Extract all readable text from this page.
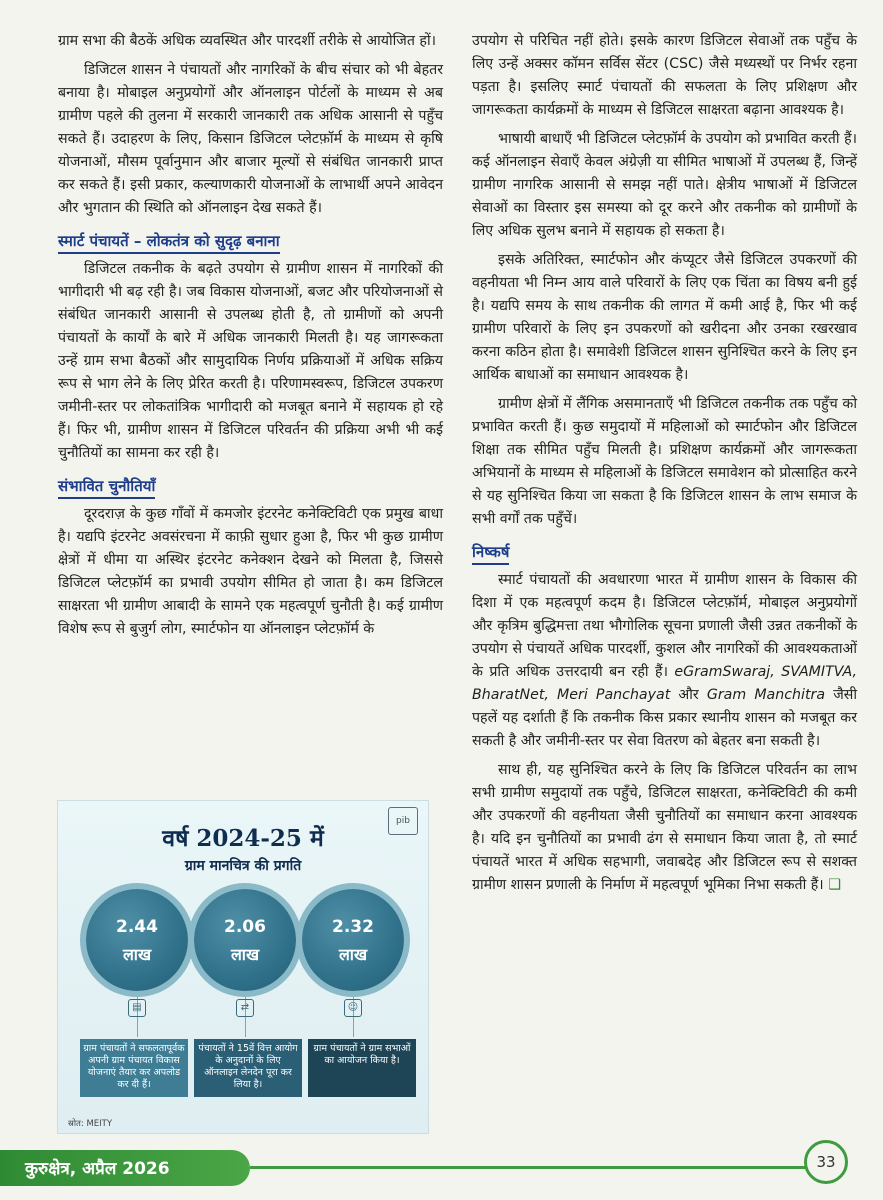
ग्राम सभा की बैठकें अधिक व्यवस्थित और पारदर्शी तरीके से आयोजित हों।

डिजिटल शासन ने पंचायतों और नागरिकों के बीच संचार को भी बेहतर बनाया है। मोबाइल अनुप्रयोगों और ऑनलाइन पोर्टलों के माध्यम से अब ग्रामीण पहले की तुलना में सरकारी जानकारी तक अधिक आसानी से पहुँच सकते हैं। उदाहरण के लिए, किसान डिजिटल प्लेटफ़ॉर्म के माध्यम से कृषि योजनाओं, मौसम पूर्वानुमान और बाजार मूल्यों से संबंधित जानकारी प्राप्त कर सकते हैं। इसी प्रकार, कल्याणकारी योजनाओं के लाभार्थी अपने आवेदन और भुगतान की स्थिति को ऑनलाइन देख सकते हैं।

स्मार्ट पंचायतें – लोकतंत्र को सुदृढ़ बनाना

डिजिटल तकनीक के बढ़ते उपयोग से ग्रामीण शासन में नागरिकों की भागीदारी भी बढ़ रही है। जब विकास योजनाओं, बजट और परियोजनाओं से संबंधित जानकारी आसानी से उपलब्ध होती है, तो ग्रामीणों को अपनी पंचायतों के कार्यों के बारे में अधिक जानकारी मिलती है। यह जागरूकता उन्हें ग्राम सभा बैठकों और सामुदायिक निर्णय प्रक्रियाओं में अधिक सक्रिय रूप से भाग लेने के लिए प्रेरित करती है। परिणामस्वरूप, डिजिटल उपकरण जमीनी-स्तर पर लोकतांत्रिक भागीदारी को मजबूत बनाने में सहायक हो रहे हैं। फिर भी, ग्रामीण शासन में डिजिटल परिवर्तन की प्रक्रिया अभी भी कई चुनौतियों का सामना कर रही है।

संभावित चुनौतियाँ

दूरदराज़ के कुछ गाँवों में कमजोर इंटरनेट कनेक्टिविटी एक प्रमुख बाधा है। यद्यपि इंटरनेट अवसंरचना में काफ़ी सुधार हुआ है, फिर भी कुछ ग्रामीण क्षेत्रों में धीमा या अस्थिर इंटरनेट कनेक्शन देखने को मिलता है, जिससे डिजिटल प्लेटफ़ॉर्म का प्रभावी उपयोग सीमित हो जाता है। कम डिजिटल साक्षरता भी ग्रामीण आबादी के सामने एक महत्वपूर्ण चुनौती है। कई ग्रामीण विशेष रूप से बुजुर्ग लोग, स्मार्टफोन या ऑनलाइन प्लेटफ़ॉर्म के

pib
वर्ष 2024-25 में
ग्राम मानचित्र की प्रगति
2.44
लाख
2.06
लाख
2.32
लाख
▤	⇄	☺
ग्राम पंचायतों ने सफलतापूर्वक अपनी ग्राम पंचायत विकास योजनाएं तैयार कर अपलोड कर दी हैं।
पंचायतों ने 15वें वित्त आयोग के अनुदानों के लिए ऑनलाइन लेनदेन पूरा कर लिया है।
ग्राम पंचायतों ने ग्राम सभाओं का आयोजन किया है।
स्रोत: MEITY

उपयोग से परिचित नहीं होते। इसके कारण डिजिटल सेवाओं तक पहुँच के लिए उन्हें अक्सर कॉमन सर्विस सेंटर (CSC) जैसे मध्यस्थों पर निर्भर रहना पड़ता है। इसलिए स्मार्ट पंचायतों की सफलता के लिए प्रशिक्षण और जागरूकता कार्यक्रमों के माध्यम से डिजिटल साक्षरता बढ़ाना आवश्यक है।

भाषायी बाधाएँ भी डिजिटल प्लेटफ़ॉर्म के उपयोग को प्रभावित करती हैं। कई ऑनलाइन सेवाएँ केवल अंग्रेज़ी या सीमित भाषाओं में उपलब्ध हैं, जिन्हें ग्रामीण नागरिक आसानी से समझ नहीं पाते। क्षेत्रीय भाषाओं में डिजिटल सेवाओं का विस्तार इस समस्या को दूर करने और तकनीक को ग्रामीणों के लिए अधिक सुलभ बनाने में सहायक हो सकता है।

इसके अतिरिक्त, स्मार्टफोन और कंप्यूटर जैसे डिजिटल उपकरणों की वहनीयता भी निम्न आय वाले परिवारों के लिए एक चिंता का विषय बनी हुई है। यद्यपि समय के साथ तकनीक की लागत में कमी आई है, फिर भी कई ग्रामीण परिवारों के लिए इन उपकरणों को खरीदना और उनका रखरखाव करना कठिन होता है। समावेशी डिजिटल शासन सुनिश्चित करने के लिए इन आर्थिक बाधाओं का समाधान आवश्यक है।

ग्रामीण क्षेत्रों में लैंगिक असमानताएँ भी डिजिटल तकनीक तक पहुँच को प्रभावित करती हैं। कुछ समुदायों में महिलाओं को स्मार्टफोन और डिजिटल शिक्षा तक सीमित पहुँच मिलती है। प्रशिक्षण कार्यक्रमों और जागरूकता अभियानों के माध्यम से महिलाओं के डिजिटल समावेशन को प्रोत्साहित करने से यह सुनिश्चित किया जा सकता है कि डिजिटल शासन के लाभ समाज के सभी वर्गों तक पहुँचें।

निष्कर्ष

स्मार्ट पंचायतों की अवधारणा भारत में ग्रामीण शासन के विकास की दिशा में एक महत्वपूर्ण कदम है। डिजिटल प्लेटफ़ॉर्म, मोबाइल अनुप्रयोगों और कृत्रिम बुद्धिमत्ता तथा भौगोलिक सूचना प्रणाली जैसी उन्नत तकनीकों के उपयोग से पंचायतें अधिक पारदर्शी, कुशल और नागरिकों की आवश्यकताओं के प्रति अधिक उत्तरदायी बन रही हैं। eGramSwaraj, SVAMITVA, BharatNet, Meri Panchayat और Gram Manchitra जैसी पहलें यह दर्शाती हैं कि तकनीक किस प्रकार स्थानीय शासन को मजबूत कर सकती है और जमीनी-स्तर पर सेवा वितरण को बेहतर बना सकती है।

साथ ही, यह सुनिश्चित करने के लिए कि डिजिटल परिवर्तन का लाभ सभी ग्रामीण समुदायों तक पहुँचे, डिजिटल साक्षरता, कनेक्टिविटी की कमी और उपकरणों की वहनीयता जैसी चुनौतियों का समाधान करना आवश्यक है। यदि इन चुनौतियों का प्रभावी ढंग से समाधान किया जाता है, तो स्मार्ट पंचायतें भारत में अधिक सहभागी, जवाबदेह और डिजिटल रूप से सशक्त ग्रामीण शासन प्रणाली के निर्माण में महत्वपूर्ण भूमिका निभा सकती हैं। ❑

कुरुक्षेत्र, अप्रैल 2026	33
